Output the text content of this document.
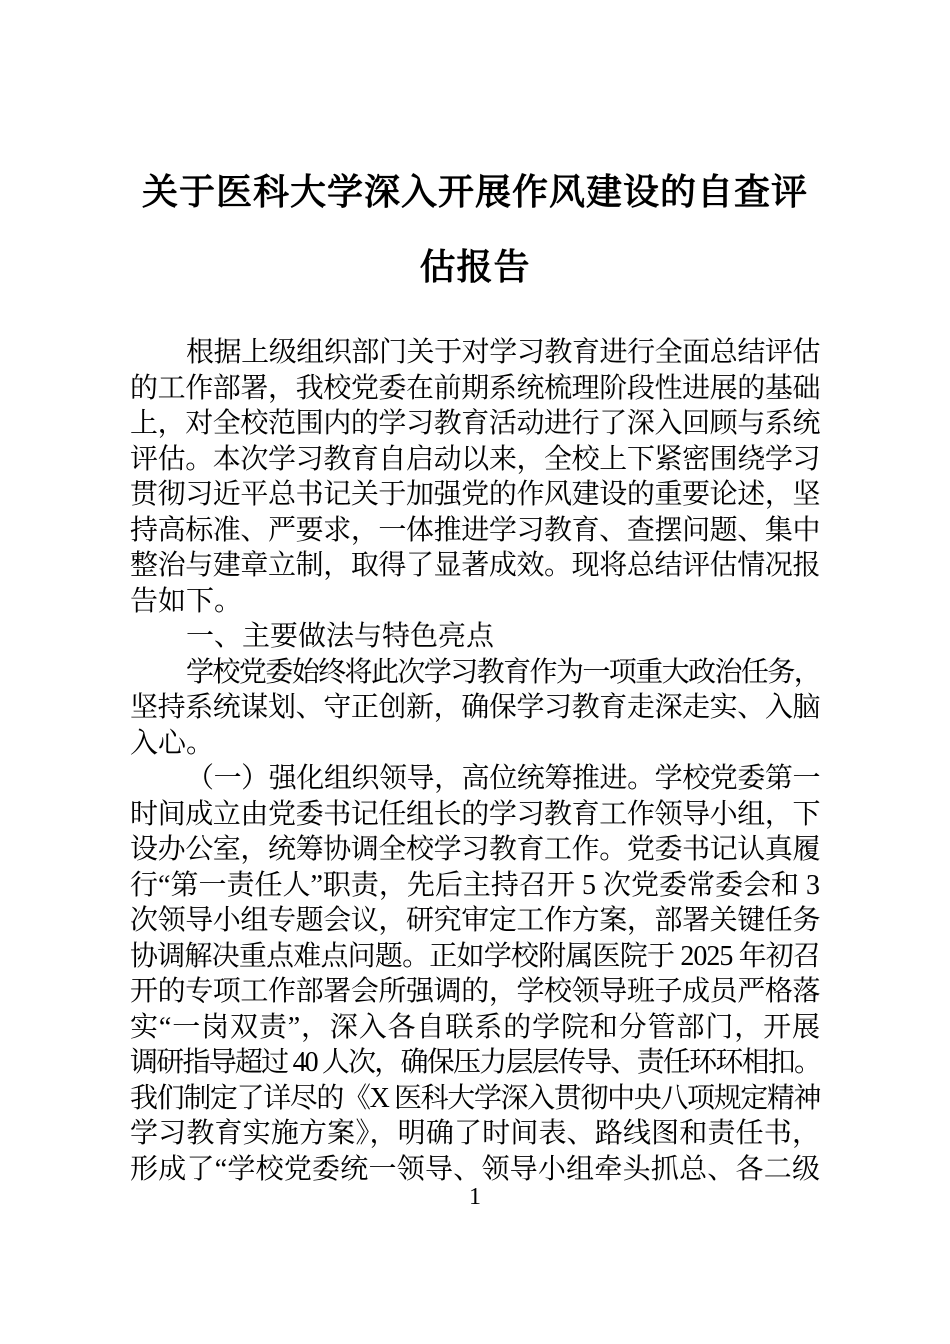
关于医科大学深入开展作风建设的自查评
估报告
根据上级组织部门关于对学习教育进行全面总结评估
的工作部署，我校党委在前期系统梳理阶段性进展的基础
上，对全校范围内的学习教育活动进行了深入回顾与系统
评估。本次学习教育自启动以来，全校上下紧密围绕学习
贯彻习近平总书记关于加强党的作风建设的重要论述，坚
持高标准、严要求，一体推进学习教育、查摆问题、集中
整治与建章立制，取得了显著成效。现将总结评估情况报
告如下。
一、主要做法与特色亮点
学校党委始终将此次学习教育作为一项重大政治任务，
坚持系统谋划、守正创新，确保学习教育走深走实、入脑
入心。
（一）强化组织领导，高位统筹推进。学校党委第一
时间成立由党委书记任组长的学习教育工作领导小组，下
设办公室，统筹协调全校学习教育工作。党委书记认真履
行“第一责任人”职责，先后主持召开 5 次党委常委会和 3
次领导小组专题会议，研究审定工作方案，部署关键任务
协调解决重点难点问题。正如学校附属医院于 2025 年初召
开的专项工作部署会所强调的，学校领导班子成员严格落
实“一岗双责”，深入各自联系的学院和分管部门，开展
调研指导超过 40 人次，确保压力层层传导、责任环环相扣。
我们制定了详尽的《X 医科大学深入贯彻中央八项规定精神
学习教育实施方案》，明确了时间表、路线图和责任书，
形成了“学校党委统一领导、领导小组牵头抓总、各二级
1
